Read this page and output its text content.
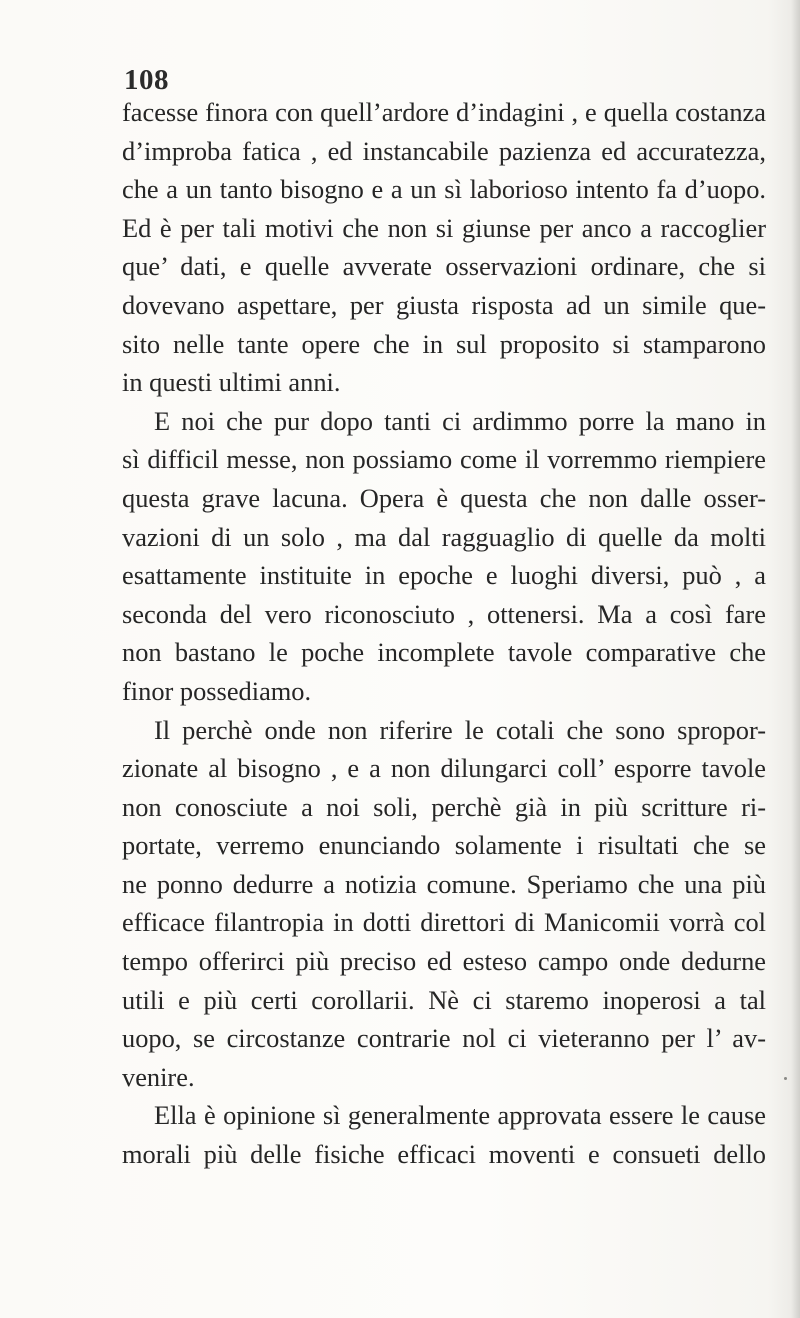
108
facesse finora con quell’ardore d’indagini , e quella costanza
d’improba fatica , ed instancabile pazienza ed accuratezza,
che a un tanto bisogno e a un sì laborioso intento fa d’uopo.
Ed è per tali motivi che non si giunse per anco a raccoglier
que’ dati, e quelle avverate osservazioni ordinare, che si
dovevano aspettare, per giusta risposta ad un simile que-
sito nelle tante opere che in sul proposito si stamparono
in questi ultimi anni.
E noi che pur dopo tanti ci ardimmo porre la mano in
sì difficil messe, non possiamo come il vorremmo riempiere
questa grave lacuna. Opera è questa che non dalle osser-
vazioni di un solo , ma dal ragguaglio di quelle da molti
esattamente instituite in epoche e luoghi diversi, può , a
seconda del vero riconosciuto , ottenersi. Ma a così fare
non bastano le poche incomplete tavole comparative che
finor possediamo.
Il perchè onde non riferire le cotali che sono spropor-
zionate al bisogno , e a non dilungarci coll’ esporre tavole
non conosciute a noi soli, perchè già in più scritture ri-
portate, verremo enunciando solamente i risultati che se
ne ponno dedurre a notizia comune. Speriamo che una più
efficace filantropia in dotti direttori di Manicomii vorrà col
tempo offerirci più preciso ed esteso campo onde dedurne
utili e più certi corollarii. Nè ci staremo inoperosi a tal
uopo, se circostanze contrarie nol ci vieteranno per l’ av-
venire.
Ella è opinione sì generalmente approvata essere le cause
morali più delle fisiche efficaci moventi e consueti dello
